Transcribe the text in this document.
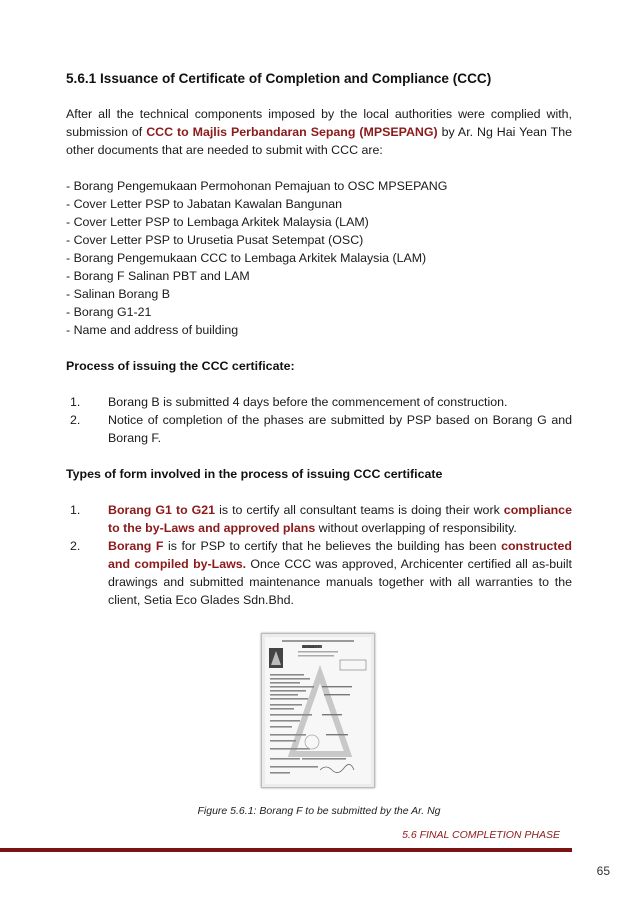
5.6.1 Issuance of Certificate of Completion and Compliance (CCC)

After all the technical components imposed by the local authorities were complied with, submission of CCC to Majlis Perbandaran Sepang (MPSEPANG) by Ar. Ng Hai Yean The other documents that are needed to submit with CCC are:

- Borang Pengemukaan Permohonan Pemajuan to OSC MPSEPANG
- Cover Letter PSP to Jabatan Kawalan Bangunan
- Cover Letter PSP to Lembaga Arkitek Malaysia (LAM)
- Cover Letter PSP to Urusetia Pusat Setempat (OSC)
- Borang Pengemukaan CCC to Lembaga Arkitek Malaysia (LAM)
- Borang F Salinan PBT and LAM
- Salinan Borang B
- Borang G1-21
- Name and address of building
Process of issuing the CCC certificate:
1.	Borang B is submitted 4 days before the commencement of construction.
2.	Notice of completion of the phases are submitted by PSP based on Borang G and Borang F.
Types of form involved in the process of issuing CCC certificate
1.	Borang G1 to G21 is to certify all consultant teams is doing their work compliance to the by-Laws and approved plans without overlapping of responsibility.
2.	Borang F is for PSP to certify that he believes the building has been constructed and compiled by-Laws. Once CCC was approved, Archicenter certified all as-built drawings and submitted maintenance manuals together with all warranties to the client, Setia Eco Glades Sdn.Bhd.
BORANG F
Figure 5.6.1: Borang F to be submitted by the Ar. Ng
5.6 FINAL COMPLETION PHASE
65
